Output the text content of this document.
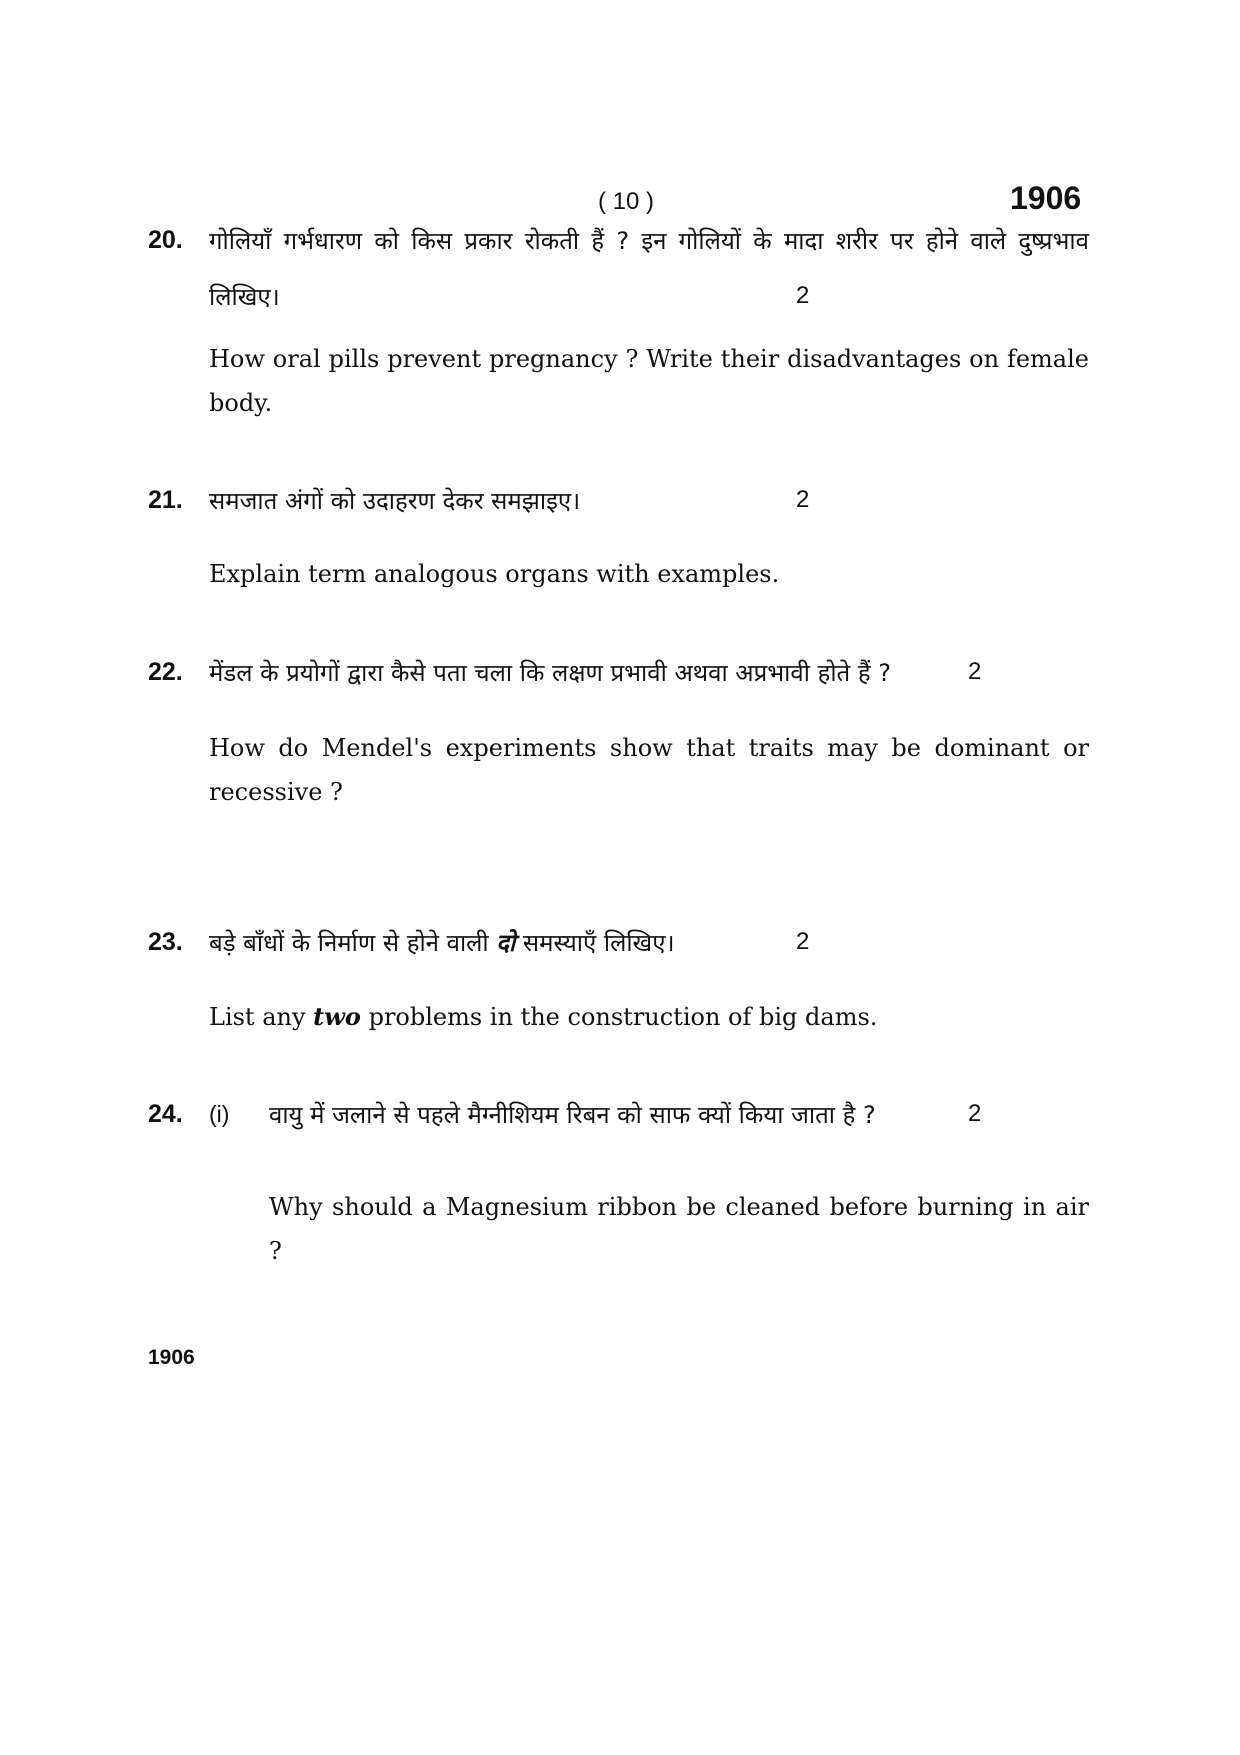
( 10 )	1906
20. गोलियाँ गर्भधारण को किस प्रकार रोकती हैं ? इन गोलियों के मादा शरीर पर होने वाले दुष्प्रभाव
लिखिए।	2
How oral pills prevent pregnancy ? Write their disadvantages on female body.
21. समजात अंगों को उदाहरण देकर समझाइए।	2
Explain term analogous organs with examples.
22. मेंडल के प्रयोगों द्वारा कैसे पता चला कि लक्षण प्रभावी अथवा अप्रभावी होते हैं ?	2
How do Mendel's experiments show that traits may be dominant or recessive ?
23. बड़े बाँधों के निर्माण से होने वाली दो समस्याएँ लिखिए।	2
List any two problems in the construction of big dams.
24. (i) वायु में जलाने से पहले मैग्नीशियम रिबन को साफ क्यों किया जाता है ?	2
Why should a Magnesium ribbon be cleaned before burning in air ?
1906
